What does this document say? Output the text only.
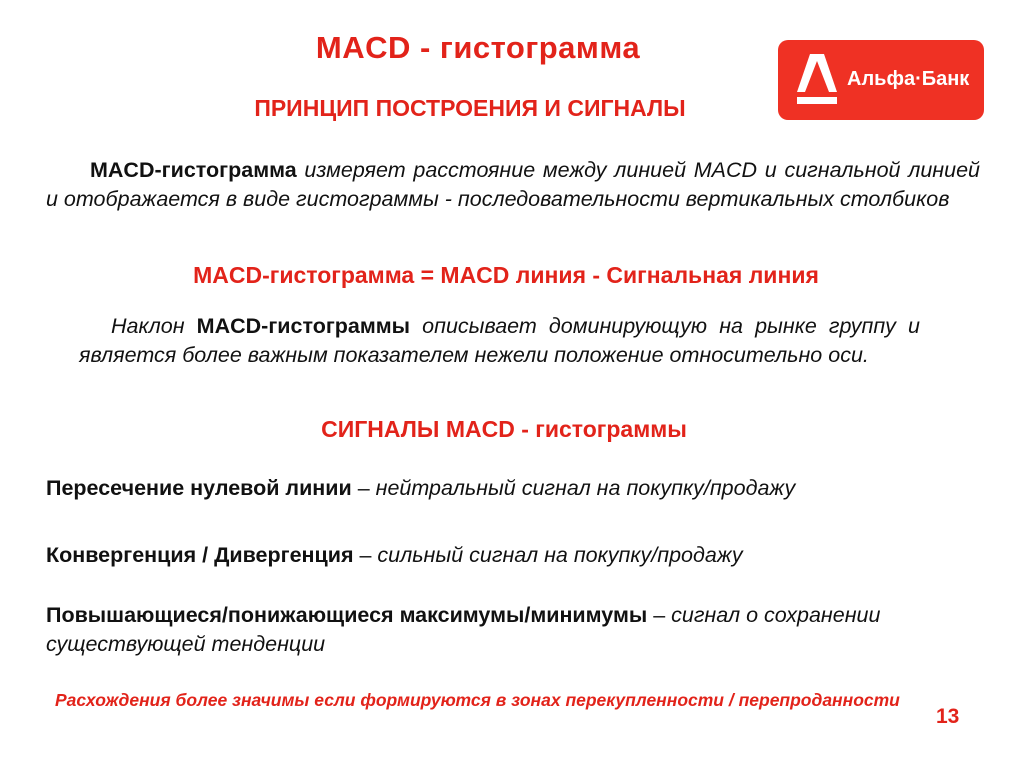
MACD - гистограмма
ПРИНЦИП ПОСТРОЕНИЯ И СИГНАЛЫ
Альфа·Банк
MACD-гистограмма измеряет расстояние между линией MACD и сигнальной линией и отображается в виде гистограммы - последовательности вертикальных столбиков
MACD-гистограмма = MACD линия - Сигнальная линия
Наклон MACD-гистограммы описывает доминирующую на рынке группу и является более важным показателем нежели положение относительно оси.
СИГНАЛЫ MACD - гистограммы
Пересечение нулевой линии – нейтральный сигнал на покупку/продажу
Конвергенция / Дивергенция – сильный сигнал на покупку/продажу
Повышающиеся/понижающиеся максимумы/минимумы – сигнал о сохранении существующей тенденции
Расхождения более значимы если формируются в зонах перекупленности / перепроданности
13
